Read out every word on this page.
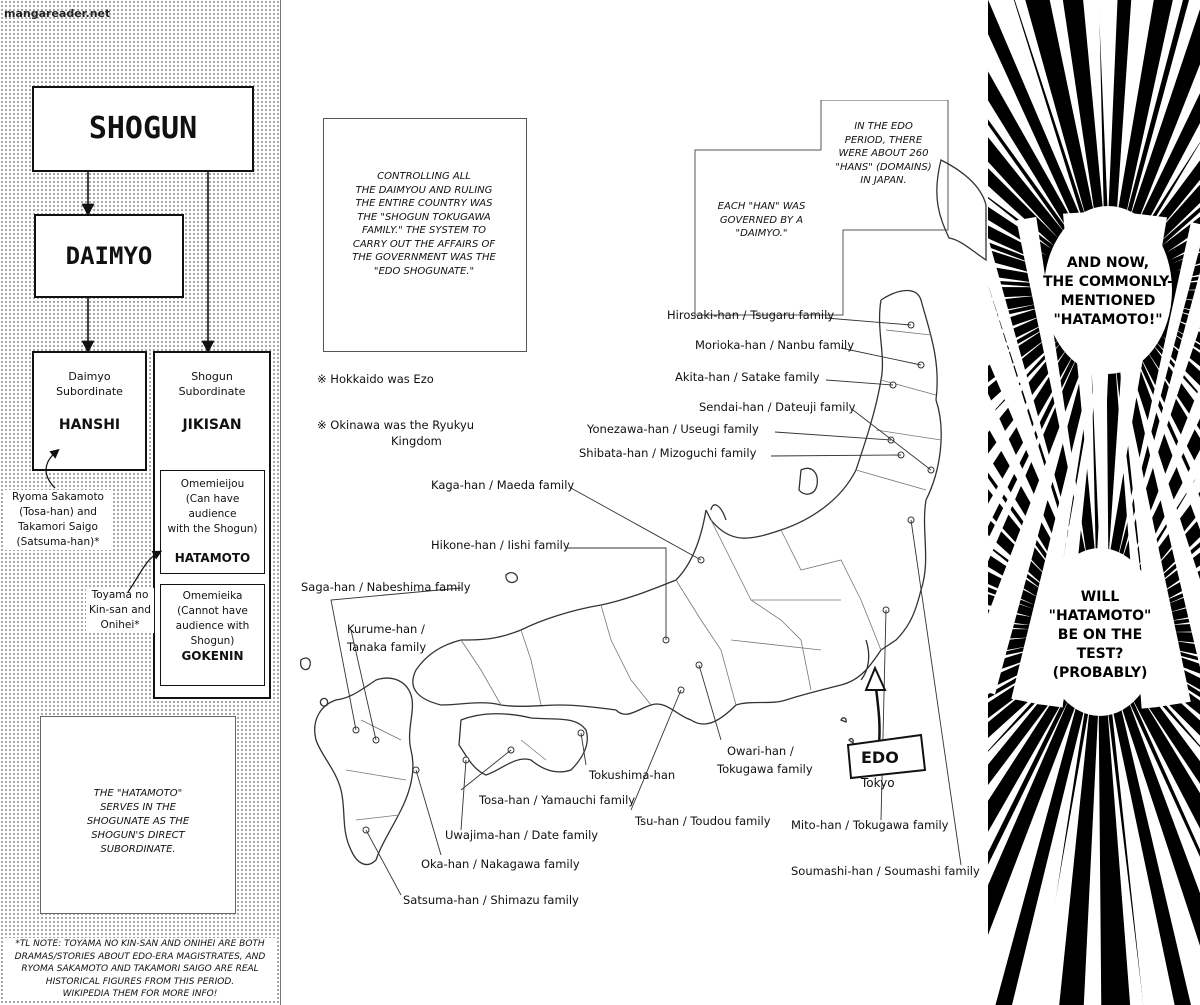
mangareader.net
SHOGUN
DAIMYO
Daimyo
Subordinate
HANSHI
Shogun
Subordinate
JIKISAN
Omemieijou
(Can have audience
with the Shogun)
HATAMOTO
Omemieika
(Cannot have
audience with
Shogun)
GOKENIN
Ryoma Sakamoto
(Tosa-han) and
Takamori Saigo
(Satsuma-han)*
Toyama no
Kin-san and
Onihei*
THE "HATAMOTO"
SERVES IN THE
SHOGUNATE AS THE
SHOGUN'S DIRECT
SUBORDINATE.
*TL NOTE: TOYAMA NO KIN-SAN AND ONIHEI ARE BOTH
DRAMAS/STORIES ABOUT EDO-ERA MAGISTRATES, AND
RYOMA SAKAMOTO AND TAKAMORI SAIGO ARE REAL
HISTORICAL FIGURES FROM THIS PERIOD.
WIKIPEDIA THEM FOR MORE INFO!
CONTROLLING ALL
THE DAIMYOU AND RULING
THE ENTIRE COUNTRY WAS
THE "SHOGUN TOKUGAWA
FAMILY." THE SYSTEM TO
CARRY OUT THE AFFAIRS OF
THE GOVERNMENT WAS THE
"EDO SHOGUNATE."
IN THE EDO
PERIOD, THERE
WERE ABOUT 260
"HANS" (DOMAINS)
IN JAPAN.
EACH "HAN" WAS
GOVERNED BY A
"DAIMYO."
※ Hokkaido was Ezo
※ Okinawa was the Ryukyu
Kingdom
Hirosaki-han / Tsugaru family
Morioka-han / Nanbu family
Akita-han / Satake family
Sendai-han / Dateuji family
Yonezawa-han / Useugi family
Shibata-han / Mizoguchi family
Kaga-han / Maeda family
Hikone-han / Iishi family
Saga-han / Nabeshima family
Kurume-han /
Tanaka family
Owari-han /
Tokugawa family
Tokushima-han
Tosa-han / Yamauchi family
Tsu-han / Toudou family Mito-han / Tokugawa family
Uwajima-han / Date family
Oka-han / Nakagawa family	Soumashi-han / Soumashi family
Satsuma-han / Shimazu family
EDO
Tokyo
AND NOW,
THE COMMONLY-
MENTIONED
"HATAMOTO!"
WILL
"HATAMOTO"
BE ON THE
TEST?
(PROBABLY)
